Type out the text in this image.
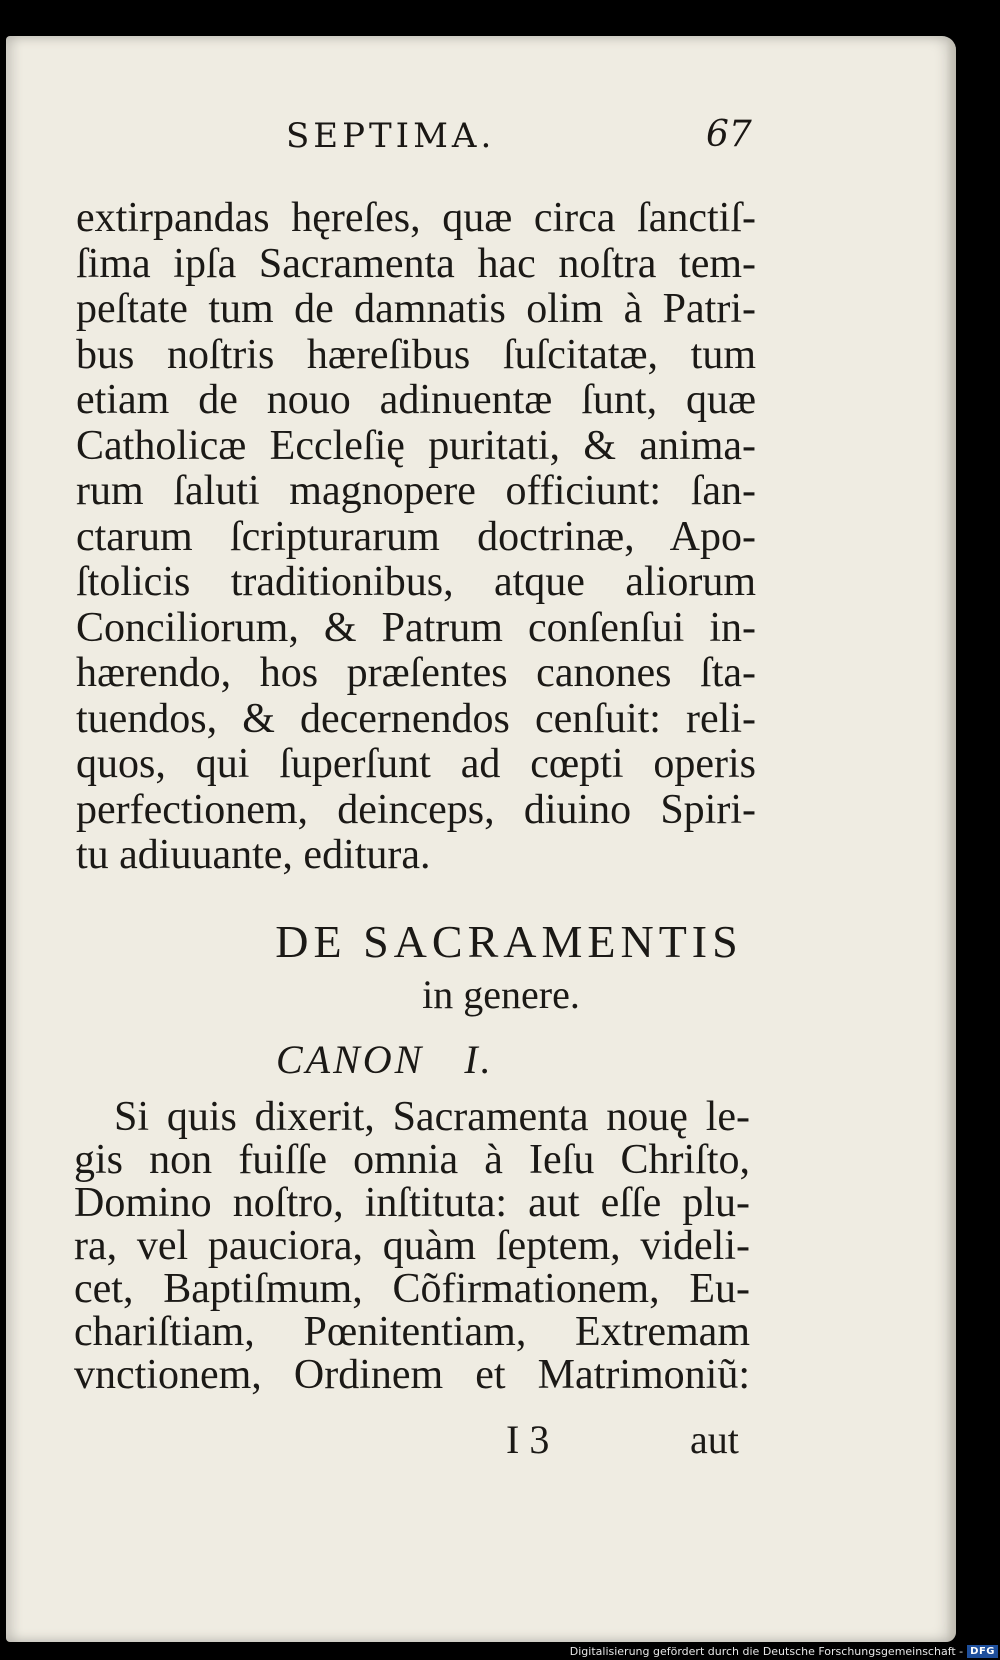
SEPTIMA.	67
extirpandas hęreſes, quæ circa ſanctiſ-
ſima ipſa Sacramenta hac noſtra tem-
peſtate tum de damnatis olim à Patri-
bus noſtris hæreſibus ſuſcitatæ, tum
etiam de nouo adinuentæ ſunt, quæ
Catholicæ Eccleſię puritati, & anima-
rum ſaluti magnopere officiunt: ſan-
ctarum ſcripturarum doctrinæ, Apo-
ſtolicis traditionibus, atque aliorum
Conciliorum, & Patrum conſenſui in-
hærendo, hos præſentes canones ſta-
tuendos, & decernendos cenſuit: reli-
quos, qui ſuperſunt ad cœpti operis
perfectionem, deinceps, diuino Spiri-
tu adiuuante, editura.
DE SACRAMENTIS
in genere.
CANON I.
Si quis dixerit, Sacramenta nouę le-
gis non fuiſſe omnia à Ieſu Chriſto,
Domino noſtro, inſtituta: aut eſſe plu-
ra, vel pauciora, quàm ſeptem, videli-
cet, Baptiſmum, Cõfirmationem, Eu-
chariſtiam, Pœnitentiam, Extremam
vnctionem, Ordinem et Matrimoniũ:
I 3	aut
Digitalisierung gefördert durch die Deutsche Forschungsgemeinschaft - DFG
